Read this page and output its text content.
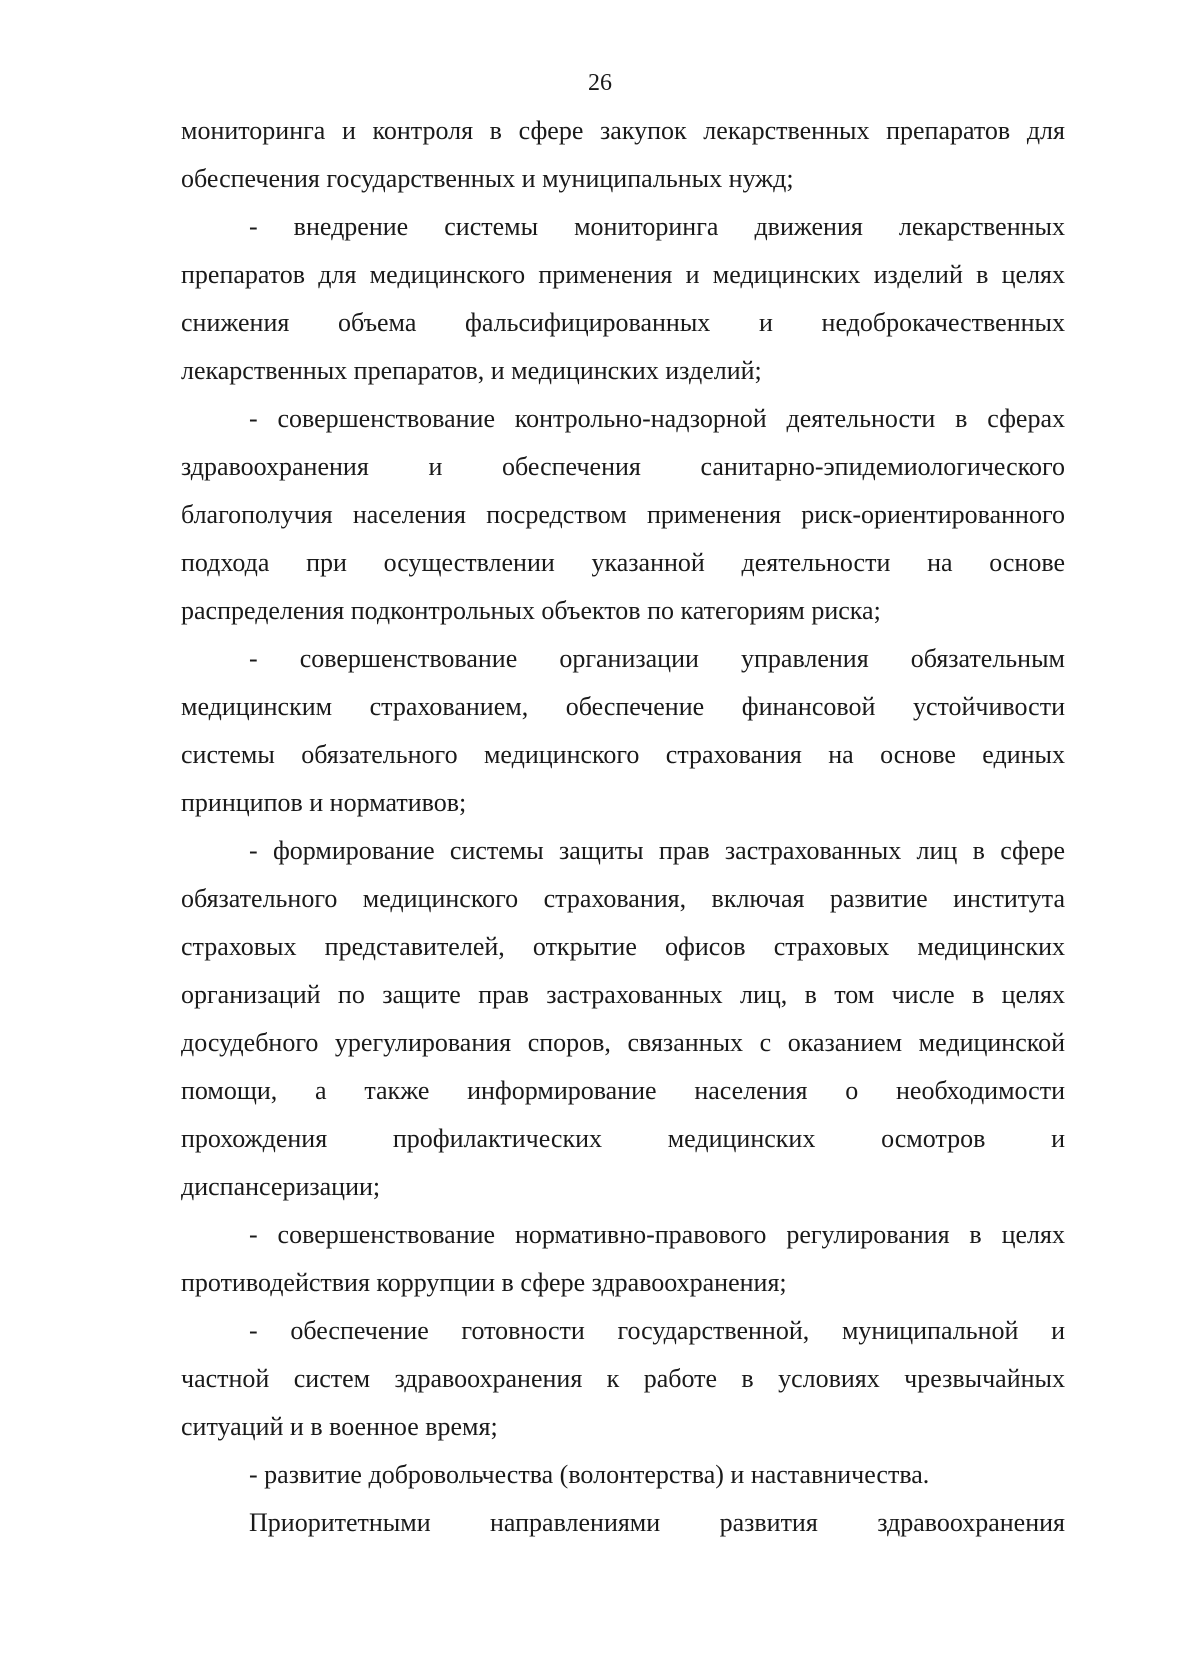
26
мониторинга и контроля в сфере закупок лекарственных препаратов для
обеспечения государственных и муниципальных нужд;
- внедрение системы мониторинга движения лекарственных
препаратов для медицинского применения и медицинских изделий в целях
снижения объема фальсифицированных и недоброкачественных
лекарственных препаратов, и медицинских изделий;
- совершенствование контрольно-надзорной деятельности в сферах
здравоохранения и обеспечения санитарно-эпидемиологического
благополучия населения посредством применения риск-ориентированного
подхода при осуществлении указанной деятельности на основе
распределения подконтрольных объектов по категориям риска;
- совершенствование организации управления обязательным
медицинским страхованием, обеспечение финансовой устойчивости
системы обязательного медицинского страхования на основе единых
принципов и нормативов;
- формирование системы защиты прав застрахованных лиц в сфере
обязательного медицинского страхования, включая развитие института
страховых представителей, открытие офисов страховых медицинских
организаций по защите прав застрахованных лиц, в том числе в целях
досудебного урегулирования споров, связанных с оказанием медицинской
помощи, а также информирование населения о необходимости
прохождения профилактических медицинских осмотров и
диспансеризации;
- совершенствование нормативно-правового регулирования в целях
противодействия коррупции в сфере здравоохранения;
- обеспечение готовности государственной, муниципальной и
частной систем здравоохранения к работе в условиях чрезвычайных
ситуаций и в военное время;
- развитие добровольчества (волонтерства) и наставничества.
Приоритетными направлениями развития здравоохранения
